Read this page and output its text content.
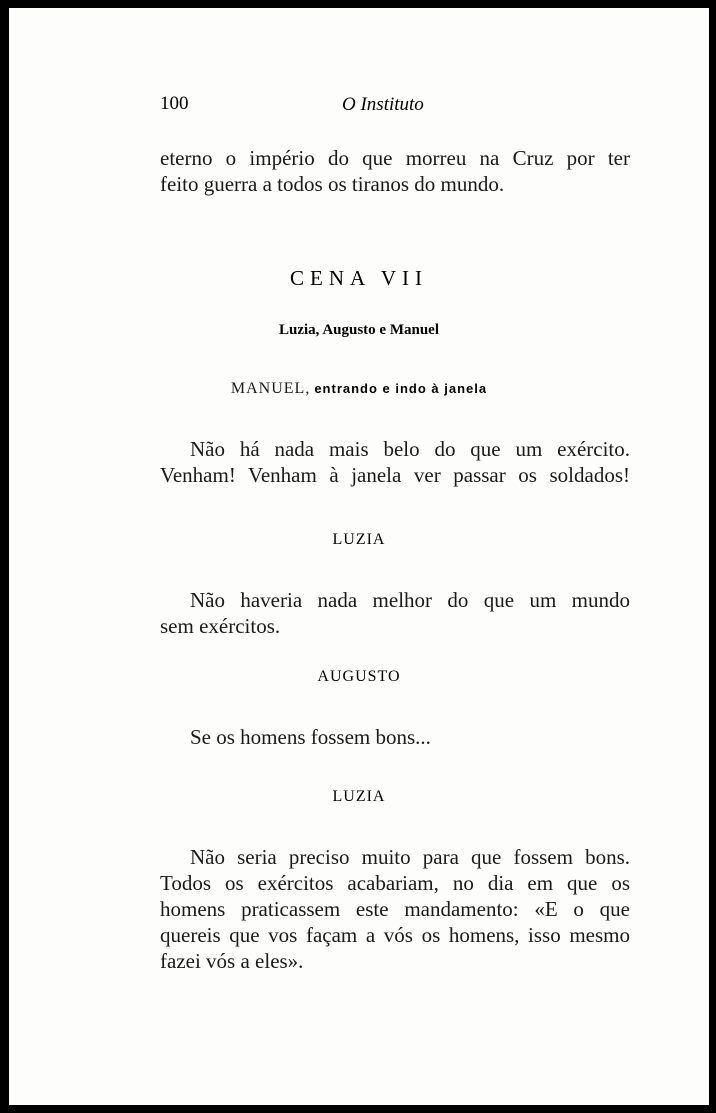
100	O Instituto
eterno o império do que morreu na Cruz por ter
feito guerra a todos os tiranos do mundo.
CENA VII
Luzia, Augusto e Manuel
MANUEL, entrando e indo à janela
Não há nada mais belo do que um exército.
Venham! Venham à janela ver passar os soldados!
LUZIA
Não haveria nada melhor do que um mundo
sem exércitos.
AUGUSTO
Se os homens fossem bons...
LUZIA
Não seria preciso muito para que fossem bons.
Todos os exércitos acabariam, no dia em que os
homens praticassem este mandamento: «E o que
quereis que vos façam a vós os homens, isso mesmo
fazei vós a eles».
